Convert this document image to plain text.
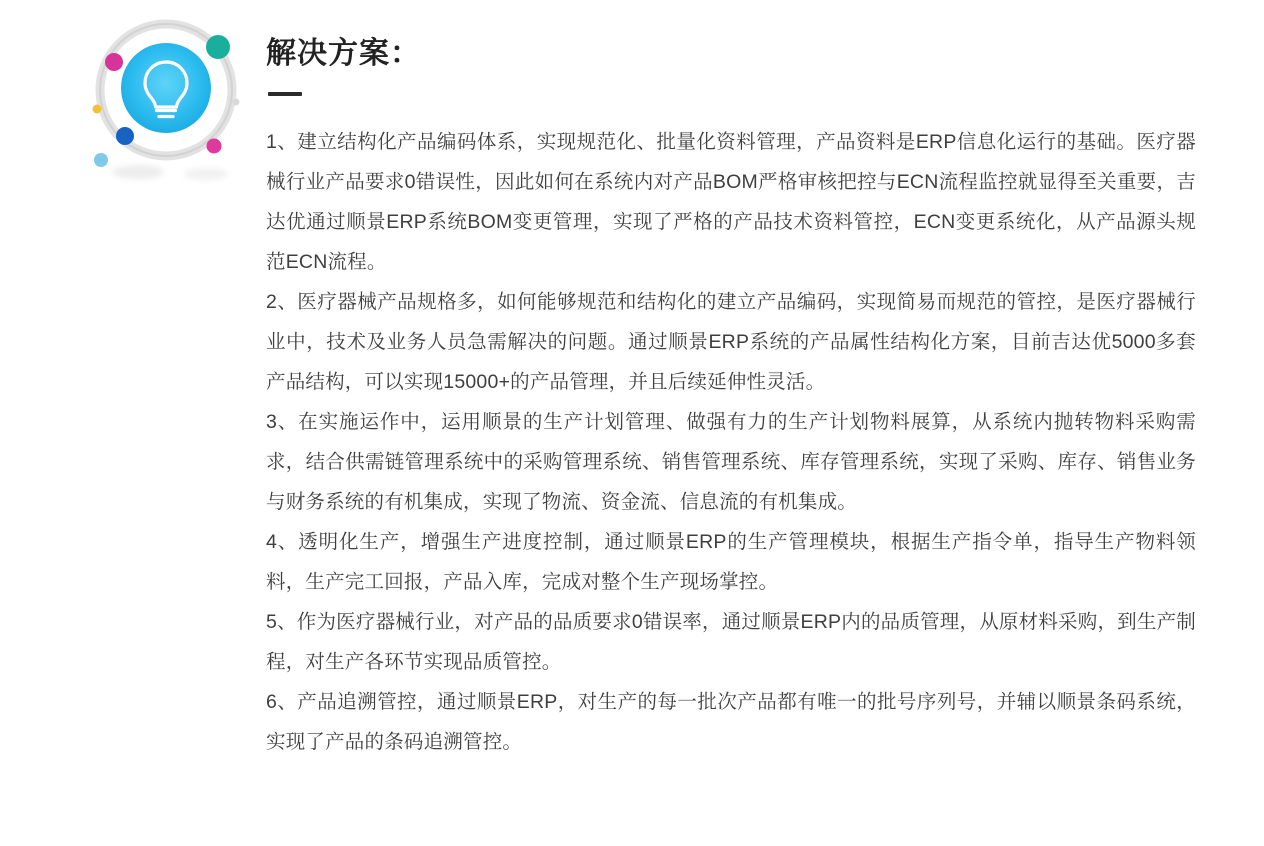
解决方案：

1、建立结构化产品编码体系，实现规范化、批量化资料管理，产品资料是ERP信息化运行的基础。医疗器械行业产品要求0错误性，因此如何在系统内对产品BOM严格审核把控与ECN流程监控就显得至关重要，吉达优通过顺景ERP系统BOM变更管理，实现了严格的产品技术资料管控，ECN变更系统化，从产品源头规范ECN流程。

2、医疗器械产品规格多，如何能够规范和结构化的建立产品编码，实现简易而规范的管控，是医疗器械行业中，技术及业务人员急需解决的问题。通过顺景ERP系统的产品属性结构化方案，目前吉达优5000多套产品结构，可以实现15000+的产品管理，并且后续延伸性灵活。

3、在实施运作中，运用顺景的生产计划管理、做强有力的生产计划物料展算，从系统内抛转物料采购需求，结合供需链管理系统中的采购管理系统、销售管理系统、库存管理系统，实现了采购、库存、销售业务与财务系统的有机集成，实现了物流、资金流、信息流的有机集成。

4、透明化生产，增强生产进度控制，通过顺景ERP的生产管理模块，根据生产指令单，指导生产物料领料，生产完工回报，产品入库，完成对整个生产现场掌控。

5、作为医疗器械行业，对产品的品质要求0错误率，通过顺景ERP内的品质管理，从原材料采购，到生产制程，对生产各环节实现品质管控。

6、产品追溯管控，通过顺景ERP，对生产的每一批次产品都有唯一的批号序列号，并辅以顺景条码系统，实现了产品的条码追溯管控。
